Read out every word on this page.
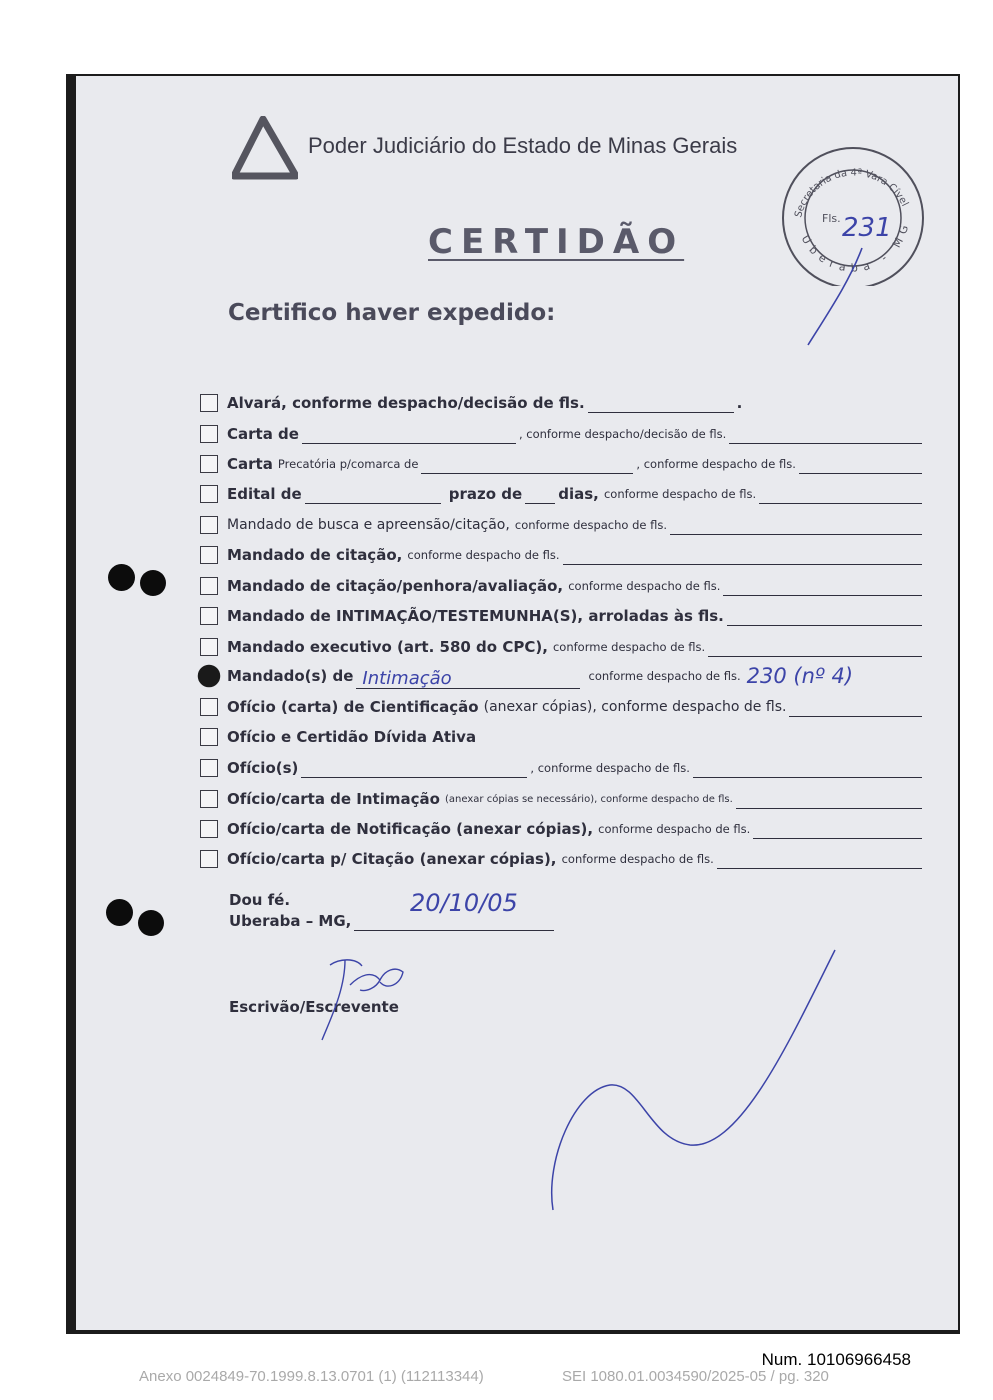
Poder Judiciário do Estado de Minas Gerais
CERTIDÃO
Certifico haver expedido:
Secretaria da 4ª Vara Cível
Uberaba - MG
Fls. 231
Alvará, conforme despacho/decisão de fls.	.
Carta de	, conforme despacho/decisão de fls.
Carta
Precatória p/comarca de	, conforme despacho de fls.
Edital de
	prazo de dias,
conforme despacho de fls.
Mandado de busca e apreensão/citação,
conforme despacho de fls.
Mandado de citação,
conforme despacho de fls.
Mandado de citação/penhora/avaliação,
conforme despacho de fls.
Mandado de INTIMAÇÃO/TESTEMUNHA(S), arroladas às fls.
Mandado executivo (art. 580 do CPC),
conforme despacho de fls.
Mandado(s) de Intimação
	conforme despacho de fls. 230 (nº 4)
Ofício (carta) de Cientificação
(anexar cópias), conforme despacho de fls.
Ofício e Certidão Dívida Ativa
Ofício(s)	, conforme despacho de fls.
Ofício/carta de Intimação
(anexar cópias se necessário), conforme despacho de fls.
Ofício/carta de Notificação (anexar cópias),
conforme despacho de fls.
Ofício/carta p/ Citação (anexar cópias),
conforme despacho de fls.
Dou fé.
Uberaba – MG,
20/10/05
Escrivão/Escrevente
Num. 10106966458
Anexo 0024849-70.1999.8.13.0701 (1) (112113344)	SEI 1080.01.0034590/2025-05 / pg. 320
